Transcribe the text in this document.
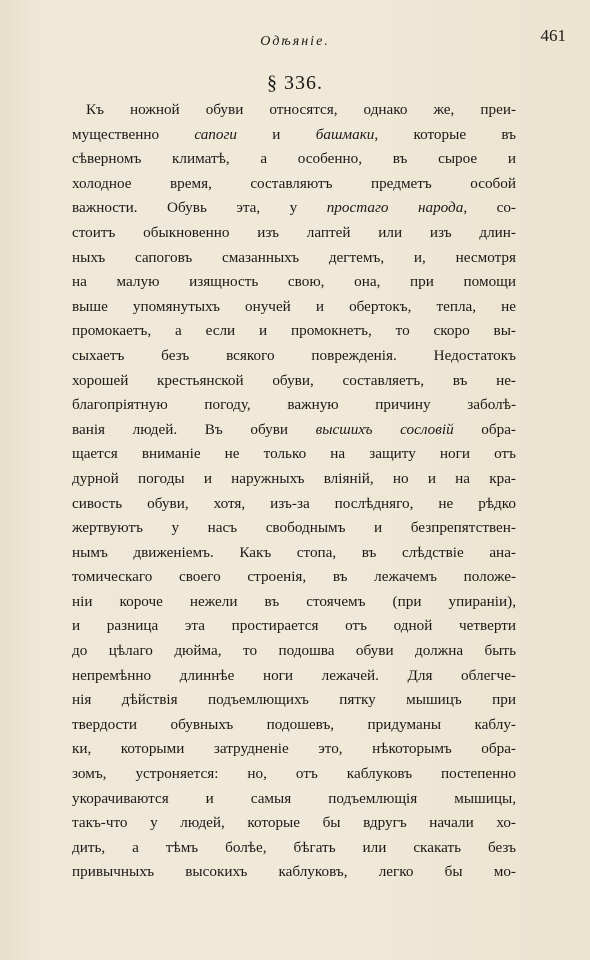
Одѣяніе.	461
§ 336.
Къ ножной обуви относятся, однако же, преи-
мущественно сапоги и башмаки, которые въ
сѣверномъ климатѣ, а особенно, въ сырое и
холодное время, составляютъ предметъ особой
важности. Обувь эта, у простаго народа, со-
стоитъ обыкновенно изъ лаптей или изъ длин-
ныхъ сапоговъ смазанныхъ дегтемъ, и, несмотря
на малую изящность свою, она, при помощи
выше упомянутыхъ онучей и обертокъ, тепла, не
промокаетъ, а если и промокнетъ, то скоро вы-
сыхаетъ безъ всякого поврежденія. Недостатокъ
хорошей крестьянской обуви, составляетъ, въ не-
благопріятную погоду, важную причину заболѣ-
ванія людей. Въ обуви высшихъ сословій обра-
щается вниманіе не только на защиту ноги отъ
дурной погоды и наружныхъ вліяній, но и на кра-
сивость обуви, хотя, изъ-за послѣдняго, не рѣдко
жертвуютъ у насъ свободнымъ и безпрепятствен-
нымъ движеніемъ. Какъ стопа, въ слѣдствіе ана-
томическаго своего строенія, въ лежачемъ положе-
ніи короче нежели въ стоячемъ (при упираніи),
и разница эта простирается отъ одной четверти
до цѣлаго дюйма, то подошва обуви должна быть
непремѣнно длиннѣе ноги лежачей. Для облегче-
нія дѣйствія подъемлющихъ пятку мышицъ при
твердости обувныхъ подошевъ, придуманы каблу-
ки, которыми затрудненіе это, нѣкоторымъ обра-
зомъ, устроняется: но, отъ каблуковъ постепенно
укорачиваются и самыя подъемлющія мышицы,
такъ-что у людей, которые бы вдругъ начали хо-
дить, а тѣмъ болѣе, бѣгать или скакать безъ
привычныхъ высокихъ каблуковъ, легко бы мо-
